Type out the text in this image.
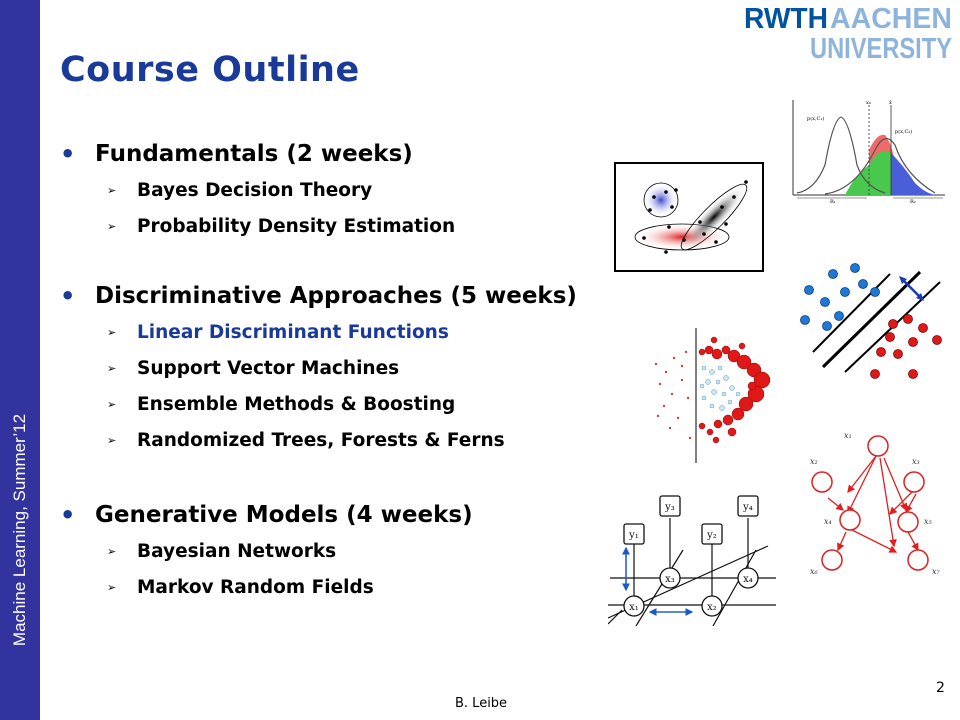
Machine Learning, Summer’12
RWTH AACHEN
UNIVERSITY
Course Outline
• Fundamentals (2 weeks)
➢ Bayes Decision Theory
➢ Probability Density Estimation
• Discriminative Approaches (5 weeks)
➢ Linear Discriminant Functions
➢ Support Vector Machines
➢ Ensemble Methods & Boosting
➢ Randomized Trees, Forests & Ferns
• Generative Models (4 weeks)
➢ Bayesian Networks
➢ Markov Random Fields
p(x,C₁)
p(x,C₂)
x₀	x̂
R₁	R₂
x₁
x₂	x₃
x₄	x₅
x₆	x₇
y₁	y₂
y₃	y₄
x₁	x₂
x₃	x₄
B. Leibe
2
